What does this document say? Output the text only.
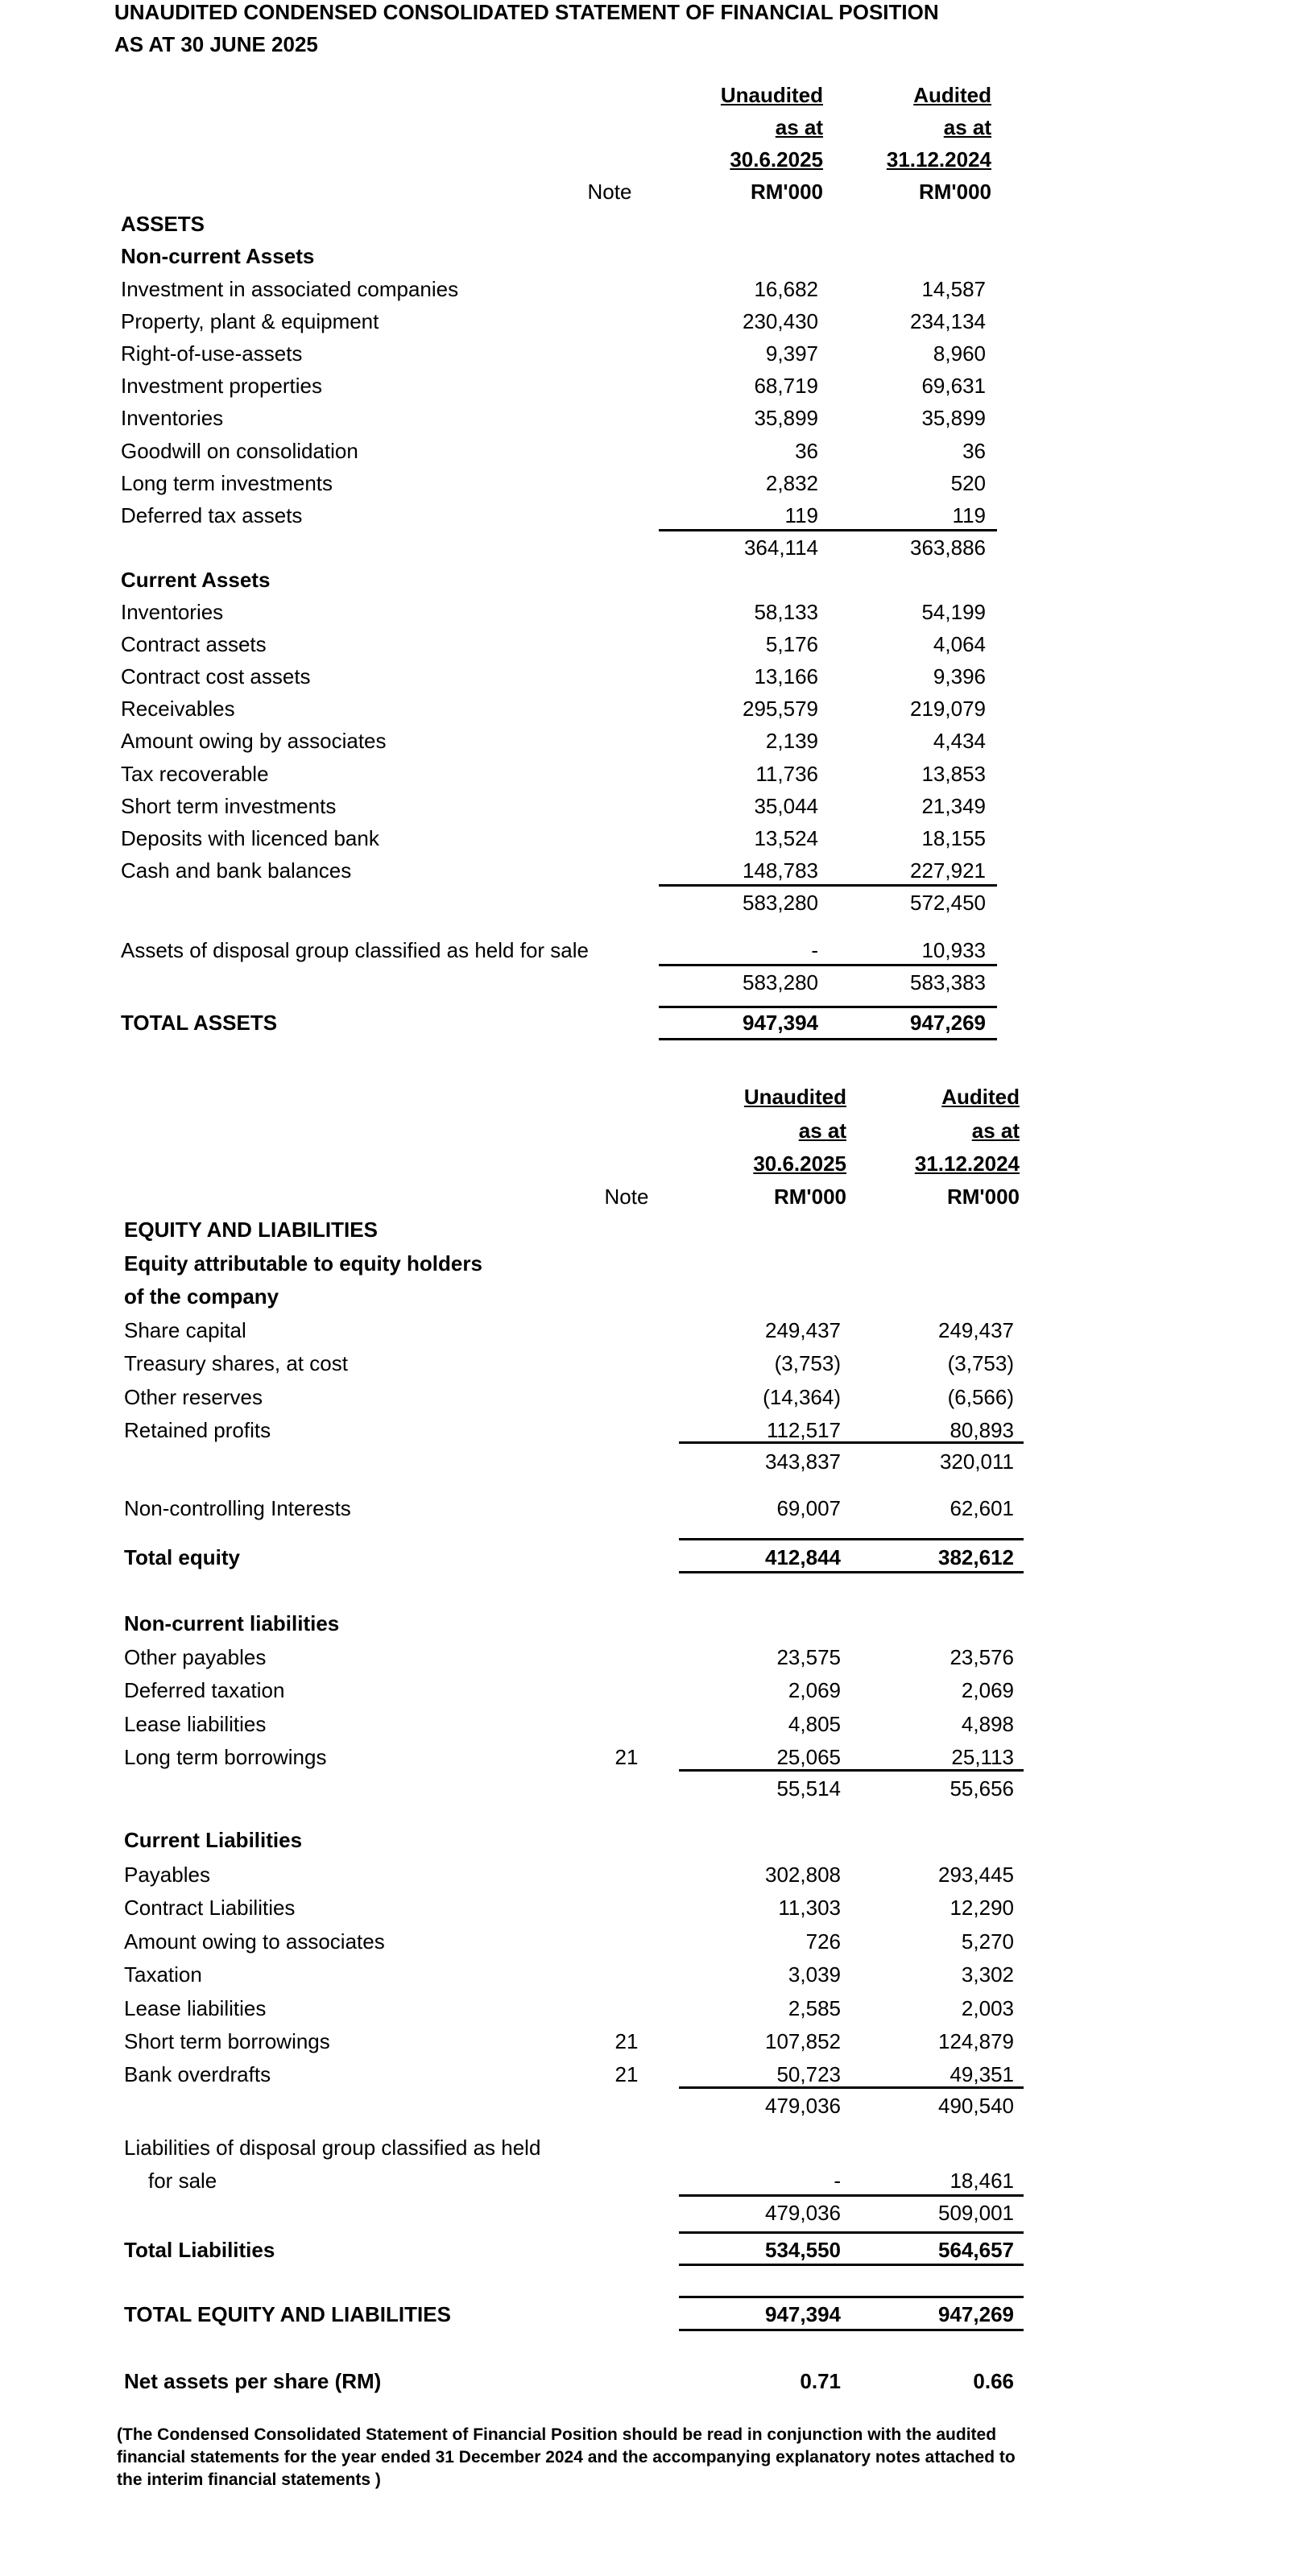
UNAUDITED CONDENSED CONSOLIDATED STATEMENT OF FINANCIAL POSITION
AS AT 30 JUNE 2025
Unaudited
as at
30.6.2025
RM'000
Audited
as at
31.12.2024
RM'000
Note
ASSETS
Non-current Assets
Investment in associated companies	16,682	14,587
Property, plant & equipment	230,430	234,134
Right-of-use-assets	9,397	8,960
Investment properties	68,719	69,631
Inventories	35,899	35,899
Goodwill on consolidation	36	36
Long term investments	2,832	520
Deferred tax assets	119	119
364,114	363,886
Current Assets
Inventories	58,133	54,199
Contract assets	5,176	4,064
Contract cost assets	13,166	9,396
Receivables	295,579	219,079
Amount owing by associates	2,139	4,434
Tax recoverable	11,736	13,853
Short term investments	35,044	21,349
Deposits with licenced bank	13,524	18,155
Cash and bank balances	148,783	227,921
583,280	572,450
Assets of disposal group classified as held for sale	-	10,933
583,280	583,383
TOTAL ASSETS	947,394	947,269
Unaudited
as at
30.6.2025
RM'000
Audited
as at
31.12.2024
RM'000
Note
EQUITY AND LIABILITIES
Equity attributable to equity holders
of the company
Share capital	249,437	249,437
Treasury shares, at cost	(3,753)	(3,753)
Other reserves	(14,364)	(6,566)
Retained profits	112,517	80,893
343,837	320,011
Non-controlling Interests	69,007	62,601
Total equity	412,844	382,612
Non-current liabilities
Other payables	23,575	23,576
Deferred taxation	2,069	2,069
Lease liabilities	4,805	4,898
Long term borrowings	21	25,065	25,113
55,514	55,656
Current Liabilities
Payables	302,808	293,445
Contract Liabilities	11,303	12,290
Amount owing to associates	726	5,270
Taxation	3,039	3,302
Lease liabilities	2,585	2,003
Short term borrowings	21	107,852	124,879
Bank overdrafts	21	50,723	49,351
479,036	490,540
Liabilities of disposal group classified as held
for sale	-	18,461
479,036	509,001
Total Liabilities	534,550	564,657
TOTAL EQUITY AND LIABILITIES	947,394	947,269
Net assets per share (RM)	0.71	0.66
(The Condensed Consolidated Statement of Financial Position should be read in conjunction with the audited financial statements for the year ended 31 December 2024 and the accompanying explanatory notes attached to the interim financial statements )
